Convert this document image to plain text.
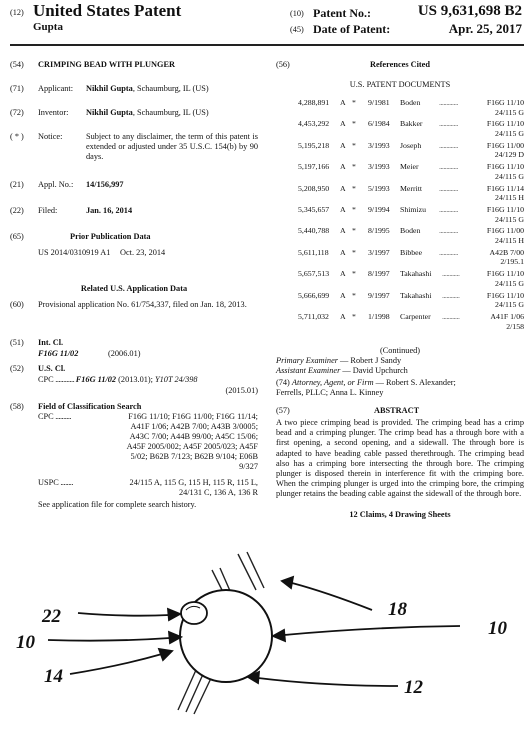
(12) United States Patent
Gupta
(10) Patent No.:	US 9,631,698 B2
(45) Date of Patent:	Apr. 25, 2017
(54)	CRIMPING BEAD WITH PLUNGER
(71)	Applicant: Nikhil Gupta, Schaumburg, IL (US)
(72)	Inventor: Nikhil Gupta, Schaumburg, IL (US)
( * )	Notice:	Subject to any disclaimer, the term of this patent is extended or adjusted under 35 U.S.C. 154(b) by 90 days.
(21)	Appl. No.: 14/156,997
(22)	Filed:	Jan. 16, 2014
(65)	Prior Publication Data
US 2014/0310919 A1 Oct. 23, 2014
Related U.S. Application Data
(60)	Provisional application No. 61/754,337, filed on Jan. 18, 2013.
(51)	Int. Cl.
F16G 11/02	(2006.01)
(52)	U.S. Cl.
CPC ............ F16G 11/02 (2013.01); Y10T 24/398
(2015.01)
(58)	Field of Classification Search
CPC ..........	F16G 11/10; F16G 11/00; F16G 11/14;
A41F 1/06; A42B 7/00; A43B 3/0005;
A43C 7/00; A44B 99/00; A45C 15/06;
A45F 2005/002; A45F 2005/023; A45F
5/02; B62B 7/123; B62B 9/104; E06B
9/327
USPC ........	24/115 A, 115 G, 115 H, 115 R, 115 L,
24/131 C, 136 A, 136 R
See application file for complete search history.
(56)	References Cited
U.S. PATENT DOCUMENTS
4,288,891 A * 9/1981 Boden .............	F16G 11/10
24/115 G
4,453,292 A * 6/1984 Bakker .............	F16G 11/10
24/115 G
5,195,218 A * 3/1993 Joseph .............	F16G 11/00
24/129 D
5,197,166 A * 3/1993 Meier	.............	F16G 11/10
24/115 G
5,208,950 A * 5/1993 Merritt .............	F16G 11/14
24/115 H
5,345,657 A * 9/1994 Shimizu .............	F16G 11/10
24/115 G
5,440,788 A * 8/1995 Boden .............	F16G 11/00
24/115 H
5,611,118 A * 3/1997 Bibbee .............	A42B 7/00
2/195.1
5,657,513 A * 8/1997 Takahashi ............	F16G 11/10
24/115 G
5,666,699 A * 9/1997 Takahashi ............	F16G 11/10
24/115 G
5,711,032 A * 1/1998 Carpenter ............	A41F 1/06
2/158
(Continued)
Primary Examiner — Robert J Sandy
Assistant Examiner — David Upchurch
(74) Attorney, Agent, or Firm — Robert S. Alexander;
Ferrells, PLLC; Anna L. Kinney
(57)	ABSTRACT
A two piece crimping bead is provided. The crimping bead has a crimp bead and a crimping plunger. The crimp bead has a through bore with a first opening, a second opening, and a sidewall. The through bore is adapted to have beading cable passed therethrough. The crimping bead also has a crimping bore intersecting the through bore. The crimping plunger is disposed therein in interference fit with the crimping bore. When the crimping plunger is urged into the crimping bore, the crimping plunger retains the beading cable against the sidewall of the through bore.
12 Claims, 4 Drawing Sheets
22
10
14
18
10
12
